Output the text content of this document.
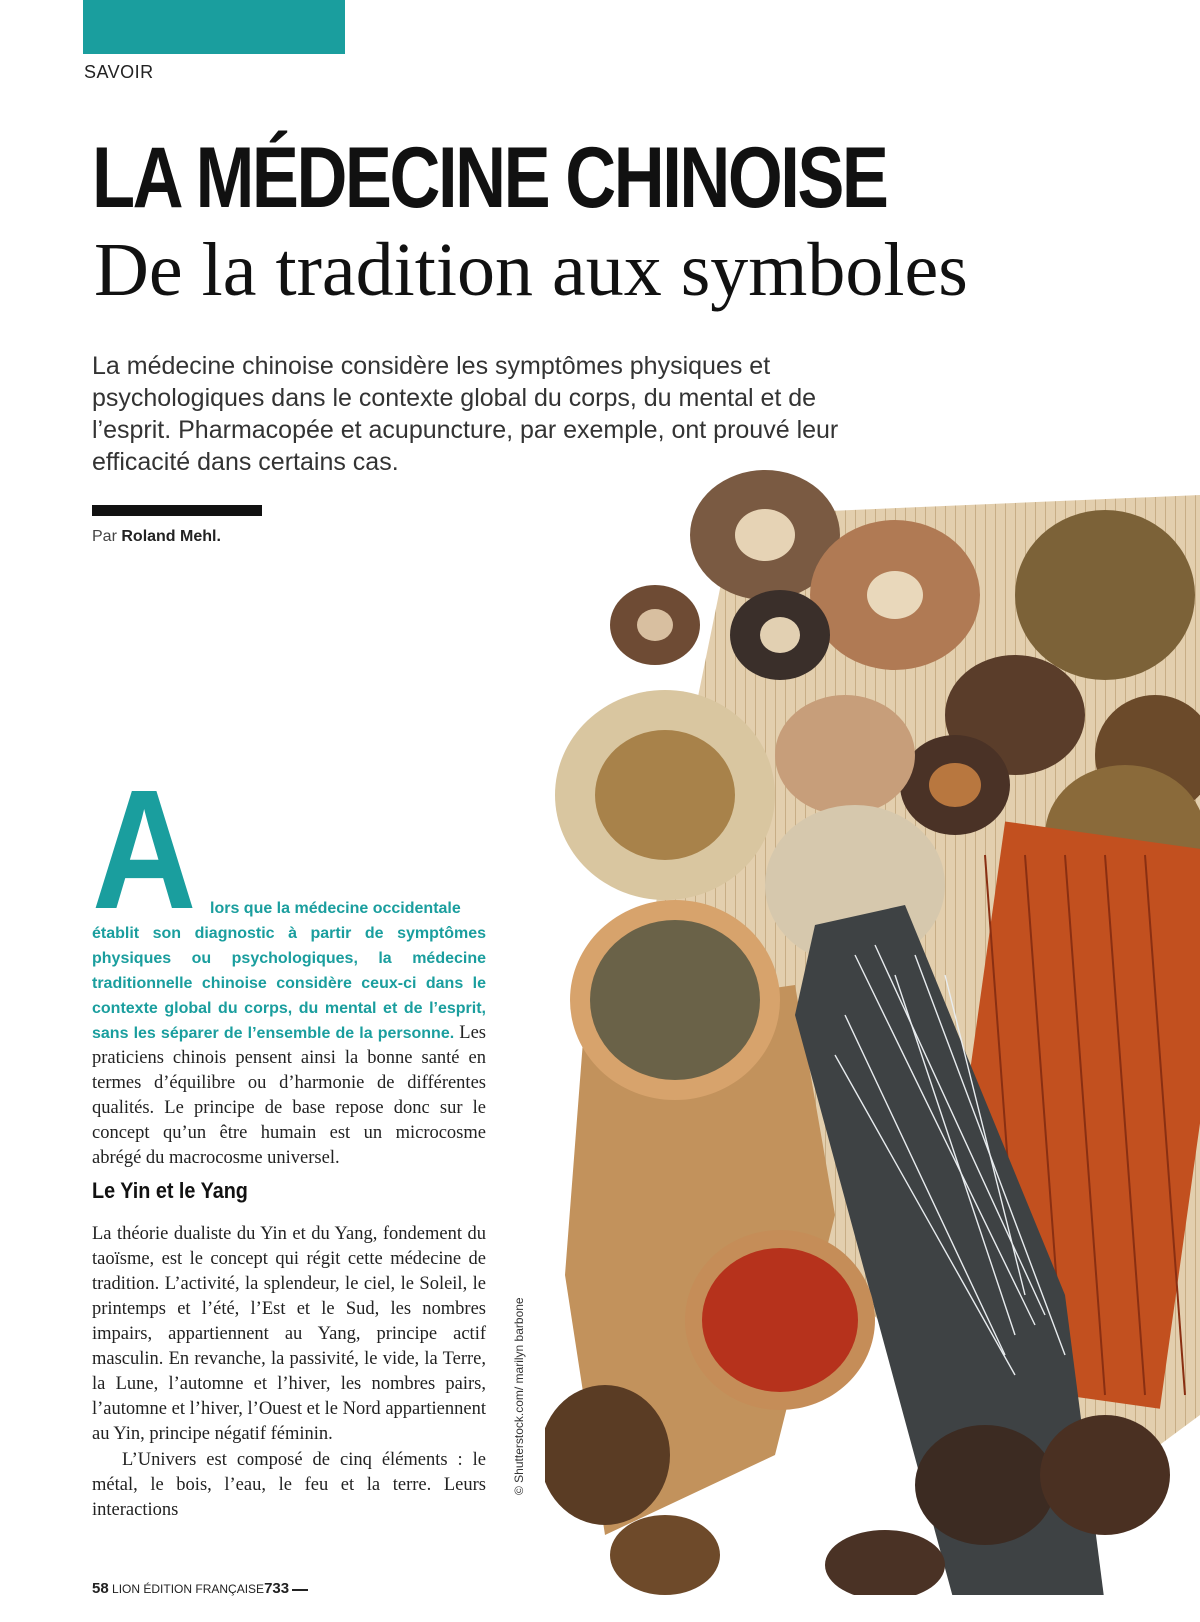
SAVOIR
LA MÉDECINE CHINOISE
De la tradition aux symboles
La médecine chinoise considère les symptômes physiques et psychologiques dans le contexte global du corps, du mental et de l’esprit. Pharmacopée et acupuncture, par exemple, ont prouvé leur efficacité dans certains cas.
Par Roland Mehl.
© Shutterstock.com/ marilyn barbone
A lors que la médecine occidentale
établit son diagnostic à partir de symptômes physiques ou psychologiques, la médecine traditionnelle chinoise considère ceux-ci dans le contexte global du corps, du mental et de l’esprit, sans les séparer de l’ensemble de la personne. Les praticiens chinois pensent ainsi la bonne santé en termes d’équilibre ou d’harmonie de différentes qualités. Le principe de base repose donc sur le concept qu’un être humain est un microcosme abrégé du macrocosme universel.

Le Yin et le Yang

La théorie dualiste du Yin et du Yang, fondement du taoïsme, est le concept qui régit cette médecine de tradition. L’activité, la splendeur, le ciel, le Soleil, le printemps et l’été, l’Est et le Sud, les nombres impairs, appartiennent au Yang, principe actif masculin. En revanche, la passivité, le vide, la Terre, la Lune, l’automne et l’hiver, les nombres pairs, l’automne et l’hiver, l’Ouest et le Nord appartiennent au Yin, principe négatif féminin.

L’Univers est composé de cinq éléments : le métal, le bois, l’eau, le feu et la terre. Leurs interactions

58 LION ÉDITION FRANÇAISE733
